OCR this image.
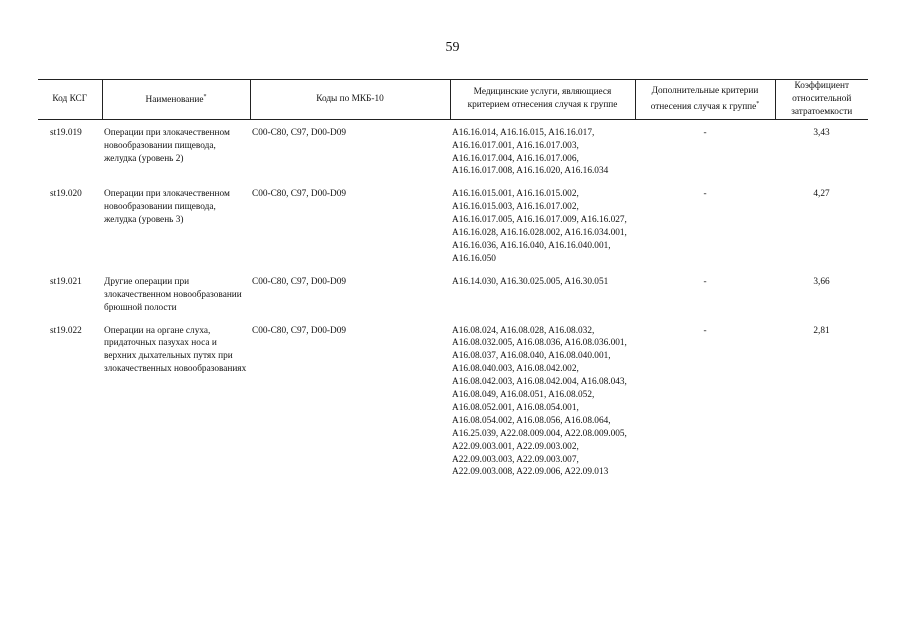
59
Код КСГ	Наименование*	Коды по МКБ-10	Медицинские услуги, являющиеся критерием отнесения случая к группе	Дополнительные критерии отнесения случая к группе*	Коэффициент относительной затратоемкости
st19.019	Операции при злокачественном новообразовании пищевода, желудка (уровень 2)	C00-C80, C97, D00-D09	A16.16.014, A16.16.015, A16.16.017, A16.16.017.001, A16.16.017.003, A16.16.017.004, A16.16.017.006, A16.16.017.008, A16.16.020, A16.16.034	-	3,43
st19.020	Операции при злокачественном новообразовании пищевода, желудка (уровень 3)	C00-C80, C97, D00-D09	A16.16.015.001, A16.16.015.002, A16.16.015.003, A16.16.017.002, A16.16.017.005, A16.16.017.009, A16.16.027, A16.16.028, A16.16.028.002, A16.16.034.001, A16.16.036, A16.16.040, A16.16.040.001, A16.16.050	-	4,27
st19.021	Другие операции при злокачественном новообразовании брюшной полости	C00-C80, C97, D00-D09	A16.14.030, A16.30.025.005, A16.30.051	-	3,66
st19.022	Операции на органе слуха, придаточных пазухах носа и верхних дыхательных путях при злокачественных новообразованиях	C00-C80, C97, D00-D09	A16.08.024, A16.08.028, A16.08.032, A16.08.032.005, A16.08.036, A16.08.036.001, A16.08.037, A16.08.040, A16.08.040.001, A16.08.040.003, A16.08.042.002, A16.08.042.003, A16.08.042.004, A16.08.043, A16.08.049, A16.08.051, A16.08.052, A16.08.052.001, A16.08.054.001, A16.08.054.002, A16.08.056, A16.08.064, A16.25.039, A22.08.009.004, A22.08.009.005, A22.09.003.001, A22.09.003.002, A22.09.003.003, A22.09.003.007, A22.09.003.008, A22.09.006, A22.09.013	-	2,81
